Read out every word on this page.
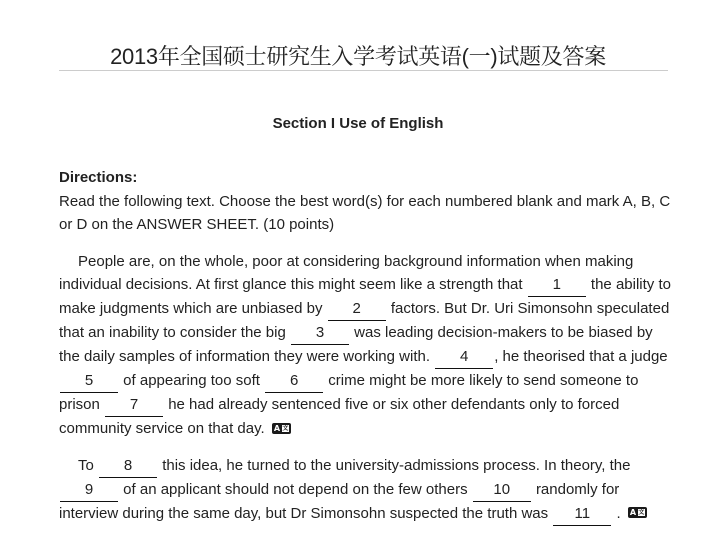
2013年全国硕士研究生入学考试英语(一)试题及答案
Section I Use of English
Directions:
Read the following text. Choose the best word(s) for each numbered blank and mark A, B, C or D on the ANSWER SHEET. (10 points)

People are, on the whole, poor at considering background information when making individual decisions. At first glance this might seem like a strength that 1 the ability to make judgments which are unbiased by 2 factors. But Dr. Uri Simonsohn speculated that an inability to consider the big 3 was leading decision-makers to be biased by the daily samples of information they were working with. 4 , he theorised that a judge 5 of appearing too soft 6 crime might be more likely to send someone to prison 7 he had already sentenced five or six other defendants only to forced community service on that day. A 文

To 8 this idea, he turned to the university-admissions process. In theory, the 9 of an applicant should not depend on the few others 10 randomly for interview during the same day, but Dr Simonsohn suspected the truth was 11 . A 文
